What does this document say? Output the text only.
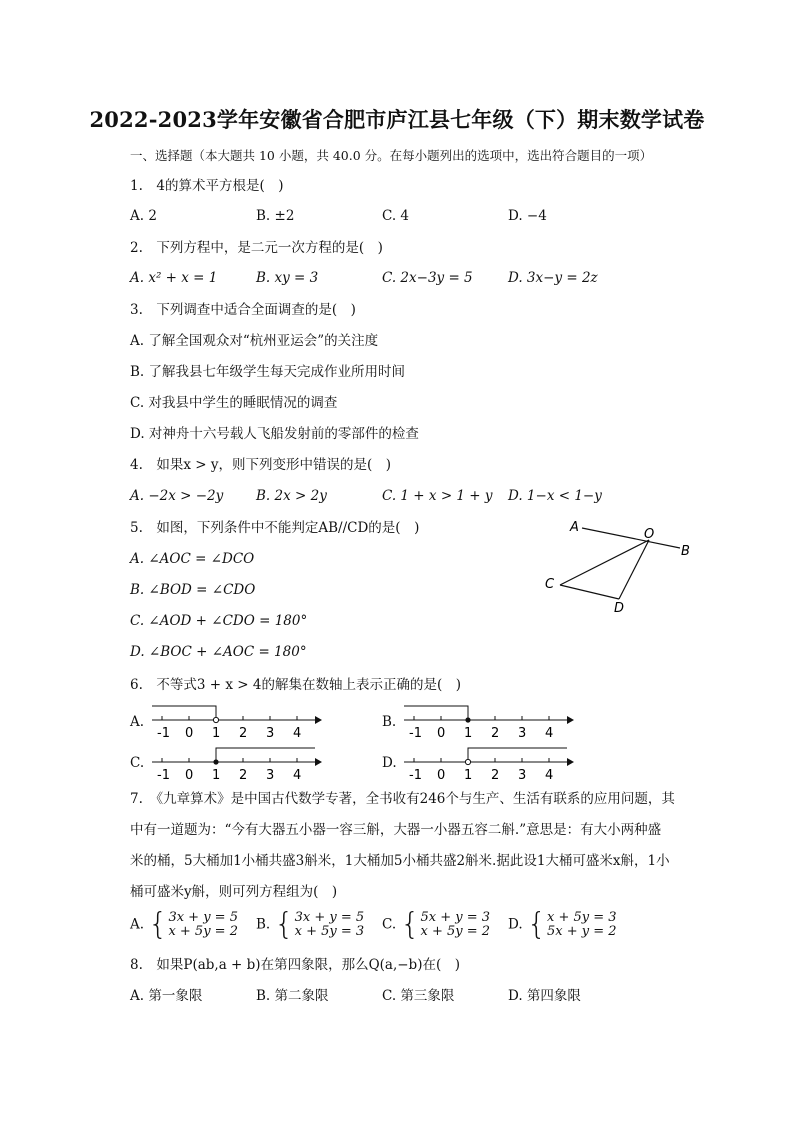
2022-2023学年安徽省合肥市庐江县七年级（下）期末数学试卷
一、选择题（本大题共 10 小题，共 40.0 分。在每小题列出的选项中，选出符合题目的一项）
1.　4的算术平方根是(　)
A. 2	B. ±2	C. 4	D. −4
2.　下列方程中，是二元一次方程的是(　)
A. x² + x = 1	B. xy = 3	C. 2x−3y = 5	D. 3x−y = 2z
3.　下列调查中适合全面调查的是(　)
A. 了解全国观众对“杭州亚运会”的关注度
B. 了解我县七年级学生每天完成作业所用时间
C. 对我县中学生的睡眠情况的调查
D. 对神舟十六号载人飞船发射前的零部件的检查
4.　如果x > y，则下列变形中错误的是(　)
A. −2x > −2y B. 2x > 2y	C. 1 + x > 1 + y D. 1−x < 1−y
5.　如图，下列条件中不能判定AB//CD的是(　)
A. ∠AOC = ∠DCO
B. ∠BOD = ∠CDO
C. ∠AOD + ∠CDO = 180°
D. ∠BOC + ∠AOC = 180°
A
B
C
D
O
6.　不等式3 + x > 4的解集在数轴上表示正确的是(　)
A.
-1 0 1 2 3 4
B.
-1 0 1 2 3 4
C.
-1 0 1 2 3 4
D.
-1 0 1 2 3 4
7.　《九章算术》是中国古代数学专著，全书收有246个与生产、生活有联系的应用问题，其
中有一道题为：“今有大器五小器一容三斛，大器一小器五容二斛.”意思是：有大小两种盛
米的桶，5大桶加1小桶共盛3斛米，1大桶加5小桶共盛2斛米.据此设1大桶可盛米x斛，1小
桶可盛米y斛，则可列方程组为(　)
A. { 3x + y = 5
x + 5y = 2 B. { 3x + y = 5
x + 5y = 3 C. { 5x + y = 3
x + 5y = 2 D. { x + 5y = 3
5x + y = 2
8.　如果P(ab,a + b)在第四象限，那么Q(a,−b)在(　)
A. 第一象限	B. 第二象限	C. 第三象限	D. 第四象限
